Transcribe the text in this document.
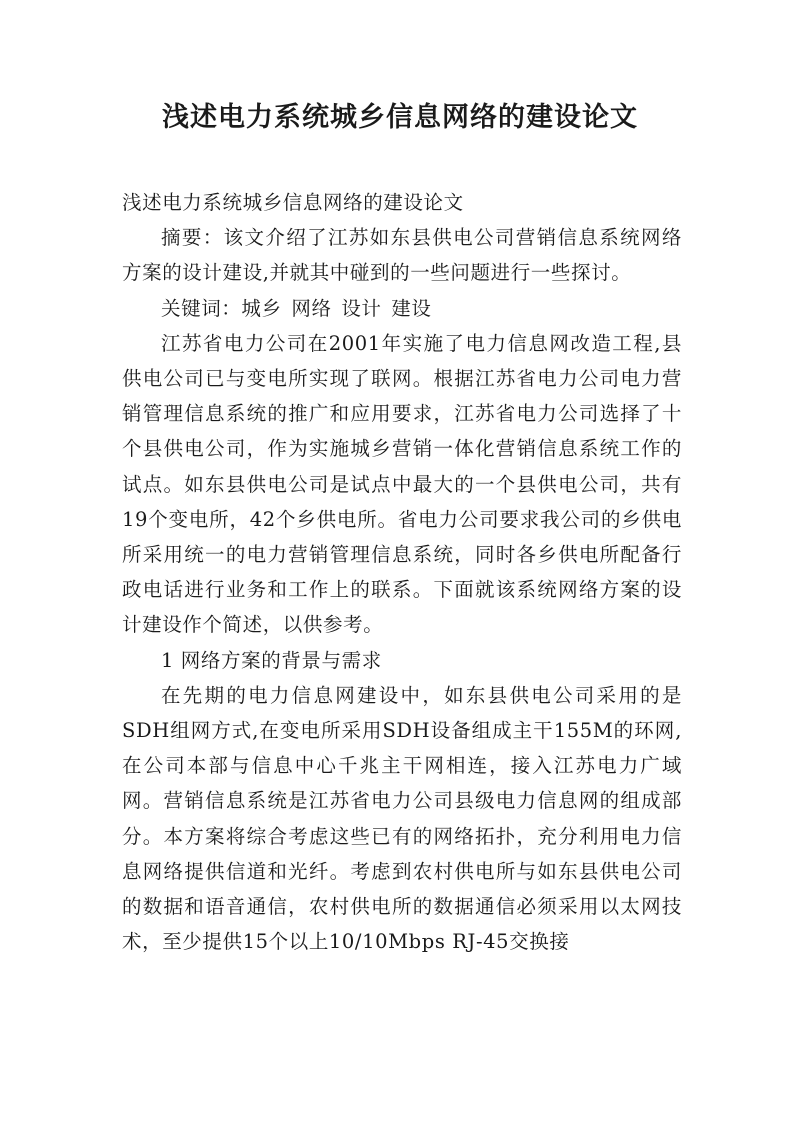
浅述电力系统城乡信息网络的建设论文

浅述电力系统城乡信息网络的建设论文

摘要：该文介绍了江苏如东县供电公司营销信息系统网络方案的设计建设,并就其中碰到的一些问题进行一些探讨。

关键词：城乡 网络 设计 建设

江苏省电力公司在2001年实施了电力信息网改造工程,县供电公司已与变电所实现了联网。根据江苏省电力公司电力营销管理信息系统的推广和应用要求，江苏省电力公司选择了十个县供电公司，作为实施城乡营销一体化营销信息系统工作的试点。如东县供电公司是试点中最大的一个县供电公司，共有19个变电所，42个乡供电所。省电力公司要求我公司的乡供电所采用统一的电力营销管理信息系统，同时各乡供电所配备行政电话进行业务和工作上的联系。下面就该系统网络方案的设计建设作个简述，以供参考。

1 网络方案的背景与需求

在先期的电力信息网建设中，如东县供电公司采用的是SDH组网方式,在变电所采用SDH设备组成主干155M的环网,在公司本部与信息中心千兆主干网相连，接入江苏电力广域网。营销信息系统是江苏省电力公司县级电力信息网的组成部分。本方案将综合考虑这些已有的网络拓扑，充分利用电力信息网络提供信道和光纤。考虑到农村供电所与如东县供电公司的数据和语音通信，农村供电所的数据通信必须采用以太网技术，至少提供15个以上10/10Mbps RJ-45交换接
